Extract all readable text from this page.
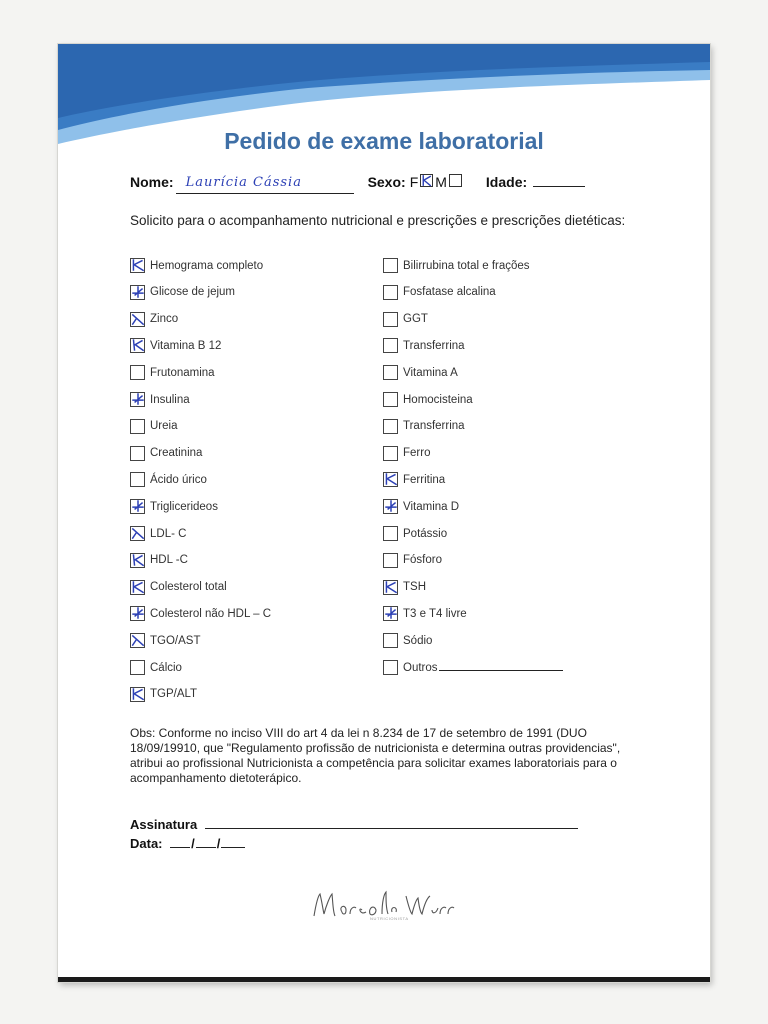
Pedido de exame laboratorial
Nome: Laurícia Cássia	Sexo: F M	Idade:

Solicito para o acompanhamento nutricional e prescrições e prescrições dietéticas:

Hemograma completo
Glicose de jejum
Zinco
Vitamina B 12
Frutonamina
Insulina
Ureia
Creatinina
Ácido úrico
Triglicerideos
LDL- C
HDL -C
Colesterol total
Colesterol não HDL – C
TGO/AST
Cálcio
TGP/ALT
Bilirrubina total e frações
Fosfatase alcalina
GGT
Transferrina
Vitamina A
Homocisteina
Transferrina
Ferro
Ferritina
Vitamina D
Potássio
Fósforo
TSH
T3 e T4 livre
Sódio
Outros

Obs: Conforme no inciso VIII do art 4 da lei n 8.234 de 17 de setembro de 1991 (DUO 18/09/19910, que "Regulamento profissão de nutricionista e determina outras providencias", atribui ao profissional Nutricionista a competência para solicitar exames laboratoriais para o acompanhamento dietoterápico.

Assinatura
Data: / /
NUTRICIONISTA
